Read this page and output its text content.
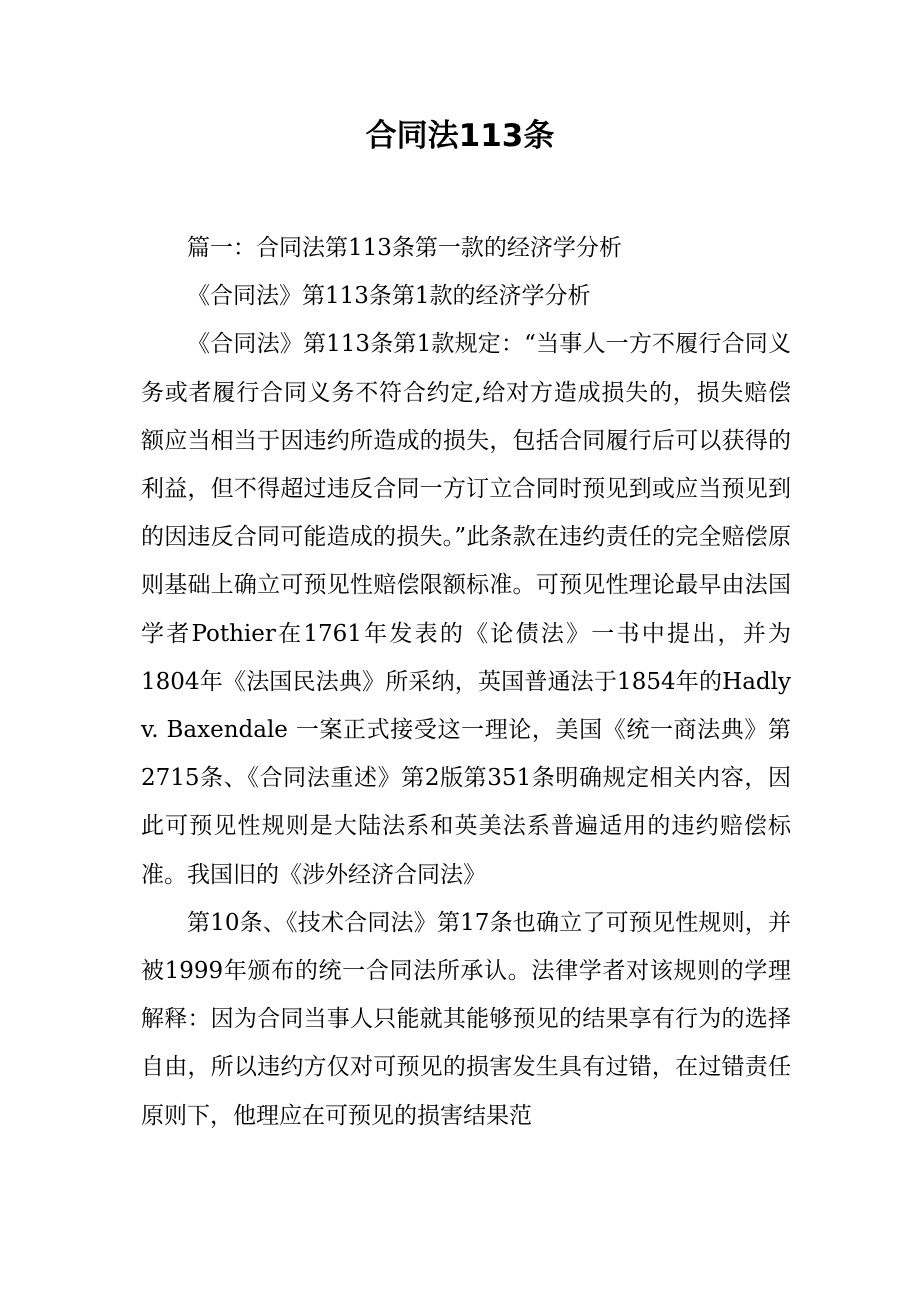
合同法113条

篇一：合同法第113条第一款的经济学分析

《合同法》第113条第1款的经济学分析

《合同法》第113条第1款规定：“当事人一方不履行合同义务或者履行合同义务不符合约定,给对方造成损失的，损失赔偿额应当相当于因违约所造成的损失，包括合同履行后可以获得的利益，但不得超过违反合同一方订立合同时预见到或应当预见到的因违反合同可能造成的损失。”此条款在违约责任的完全赔偿原则基础上确立可预见性赔偿限额标准。可预见性理论最早由法国学者Pothier在1761年发表的《论债法》一书中提出，并为1804年《法国民法典》所采纳，英国普通法于1854年的Hadly v. Baxendale 一案正式接受这一理论，美国《统一商法典》第2715条、《合同法重述》第2版第351条明确规定相关内容，因此可预见性规则是大陆法系和英美法系普遍适用的违约赔偿标准。我国旧的《涉外经济合同法》

第10条、《技术合同法》第17条也确立了可预见性规则，并被1999年颁布的统一合同法所承认。法律学者对该规则的学理解释：因为合同当事人只能就其能够预见的结果享有行为的选择自由，所以违约方仅对可预见的损害发生具有过错，在过错责任原则下，他理应在可预见的损害结果范
